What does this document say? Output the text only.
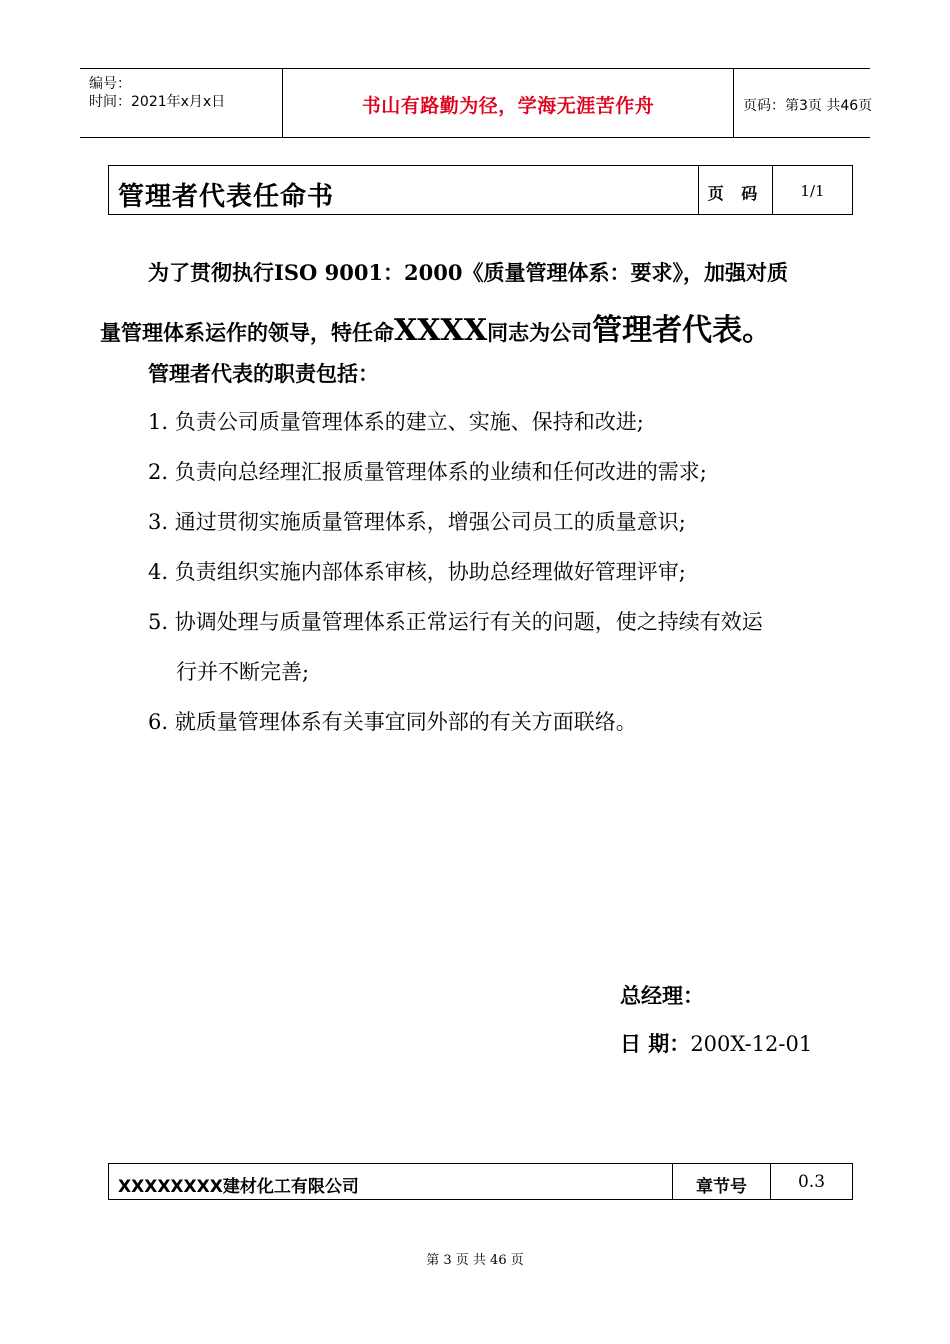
编号：
时间：2021年x月x日	书山有路勤为径，学海无涯苦作舟	页码：第3页 共46页
管理者代表任命书	页 码	1/1
为了贯彻执行ISO 9001：2000《质量管理体系：要求》，加强对质
量管理体系运作的领导，特任命XXXX同志为公司管理者代表。
管理者代表的职责包括：
1. 负责公司质量管理体系的建立、实施、保持和改进;
2. 负责向总经理汇报质量管理体系的业绩和任何改进的需求;
3. 通过贯彻实施质量管理体系，增强公司员工的质量意识;
4. 负责组织实施内部体系审核，协助总经理做好管理评审;
5. 协调处理与质量管理体系正常运行有关的问题，使之持续有效运
行并不断完善;
6. 就质量管理体系有关事宜同外部的有关方面联络。
总经理：
日 期：200X-12-01
XXXXXXXX建材化工有限公司	章节号	0.3
第 3 页 共 46 页
